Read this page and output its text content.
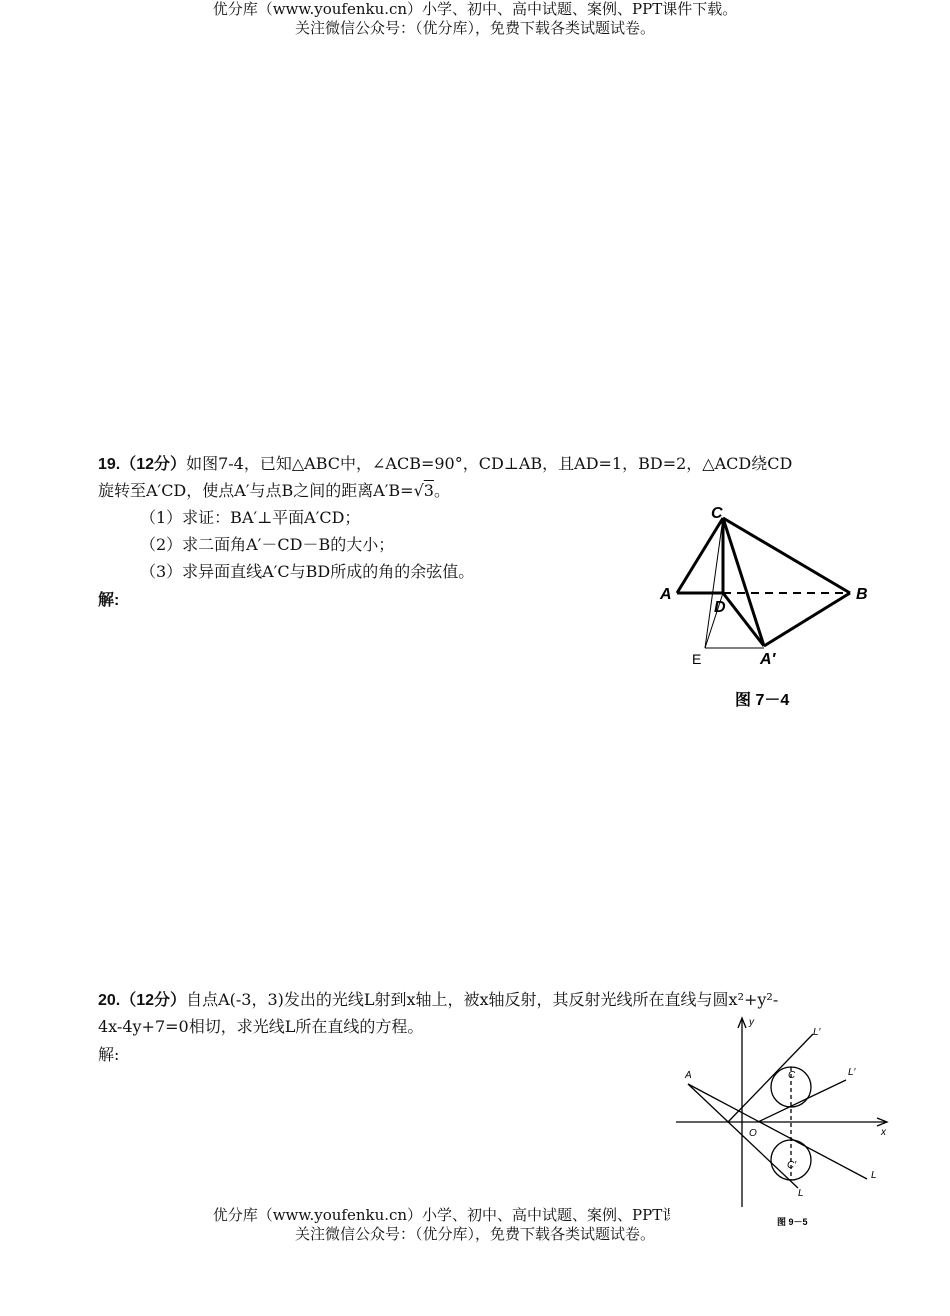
优分库（www.youfenku.cn）小学、初中、高中试题、案例、PPT课件下载。
关注微信公众号：（优分库），免费下载各类试题试卷。
19.（12分）如图7-4，已知△ABC中，∠ACB=90°，CD⊥AB，且AD=1，BD=2，△ACD绕CD
旋转至A′CD，使点A′与点B之间的距离A′B=√3。
（1）求证：BA′⊥平面A′CD；
（2）求二面角A′－CD－B的大小；
（3）求异面直线A′C与BD所成的角的余弦值。
解:
C
A	B
D
A′
E
图 7－4
20.（12分）自点A(-3，3)发出的光线L射到x轴上，被x轴反射，其反射光线所在直线与圆x²+y²-
4x-4y+7=0相切，求光线L所在直线的方程。
解:
优分库（www.youfenku.cn）小学、初中、高中试题、案例、PPT课件下载。
关注微信公众号：（优分库），免费下载各类试题试卷。
y
x
O
A	C
C′
L′
L′
L
L
图 9－5
